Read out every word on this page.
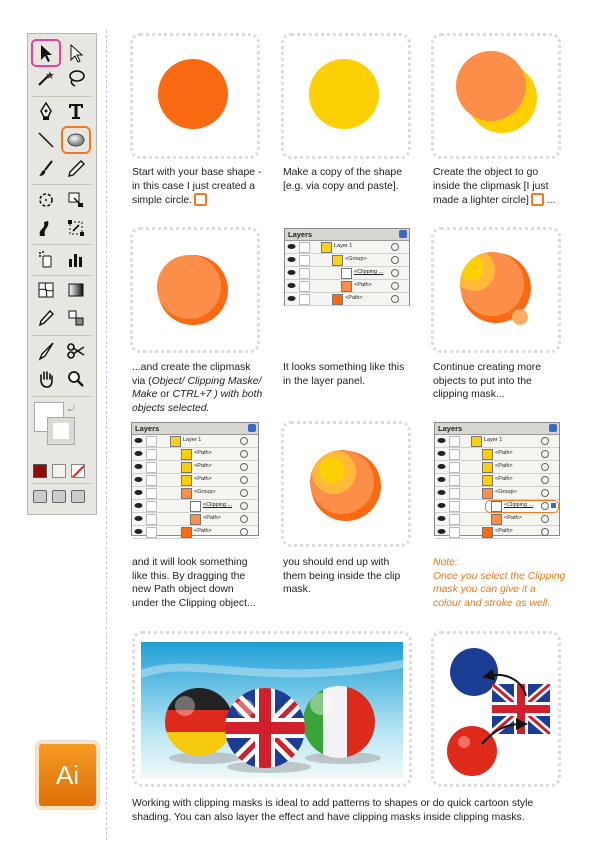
⤾
Ai
Start with your base shape -
in this case I just created a
simple circle.
Make a copy of the shape
[e.g. via copy and paste].
Create the object to go
inside the clipmask [I just
made a lighter circle] ...
Layers
Layer 1
<Group>
<Clipping ...
<Path>
<Path>
...and create the clipmask
via (Object/ Clipping Maske/
Make or CTRL+7 ) with both
objects selected.
It looks something like this
in the layer panel.
Continue creating more
objects to put into the
clipping mask...
Layers
Layer 1
<Path>
<Path>
<Path>
<Group>
<Clipping ...
<Path>
<Path>
Layers
Layer 1
<Path>
<Path>
<Path>
<Group>
<Clipping ...
<Path>
<Path>
and it will look something
like this. By dragging the
new Path object down
under the Clipping object...
you should end up with
them being inside the clip
mask.
Note:
Once you select the Clipping
mask you can give it a
colour and stroke as well.
Working with clipping masks is ideal to add patterns to shapes or do quick cartoon style
shading. You can also layer the effect and have clipping masks inside clipping masks.
